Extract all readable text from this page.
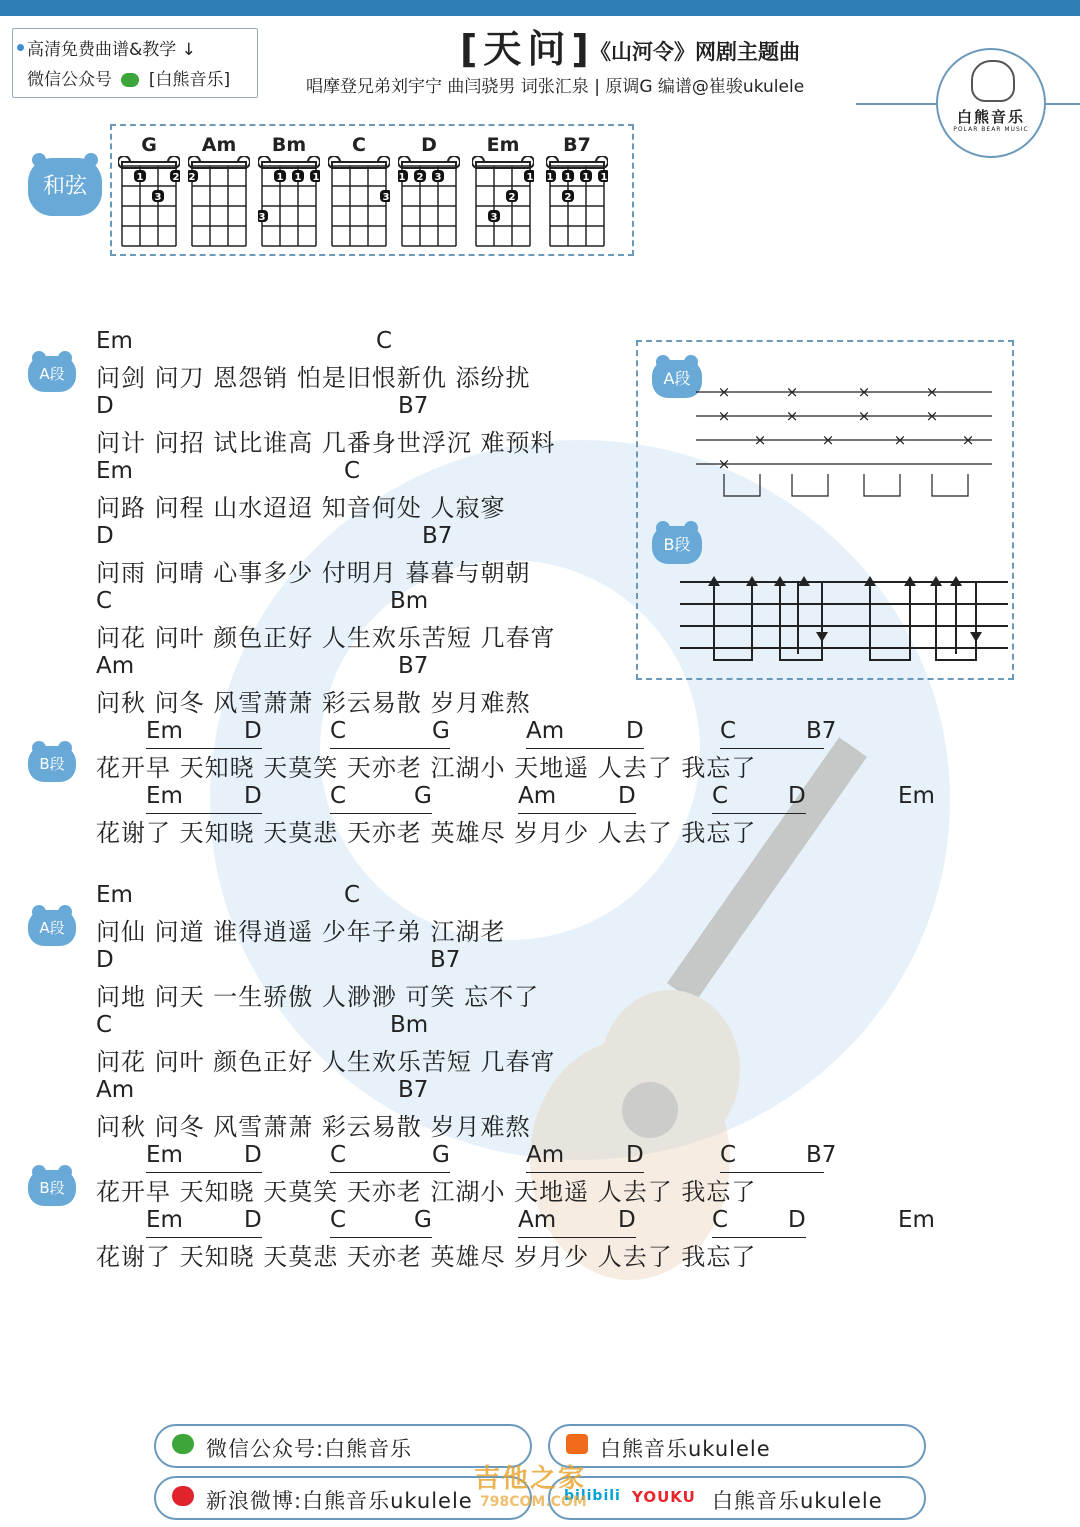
高清免费曲谱&教学 ↓
微信公众号 [白熊音乐]
[天问]
《山河令》网剧主题曲
唱摩登兄弟刘宇宁 曲闫骁男 词张汇泉 | 原调G 编谱@崔骏ukulele
白熊音乐
POLAR BEAR MUSIC
和弦
G
1	2
3
Am
2
Bm
1 1 1
3
C
3
D
1 2 3
Em
1
2
3
B7
1 1 1 1
2
A段
×	×	×	×
×	×	×	×
×	×	×	×
×
B段
A段
Em	C
问剑 问刀 恩怨销 怕是旧恨新仇 添纷扰
D	B7
问计 问招 试比谁高 几番身世浮沉 难预料
Em	C
问路 问程 山水迢迢 知音何处 人寂寥
D	B7
问雨 问晴 心事多少 付明月 暮暮与朝朝
C	Bm
问花 问叶 颜色正好 人生欢乐苦短 几春宵
Am	B7
问秋 问冬 风雪萧萧 彩云易散 岁月难熬
B段
Em	D	C	G	Am	D	C	B7
花开早 天知晓 天莫笑 天亦老 江湖小 天地遥 人去了 我忘了
Em	D	C	G	Am	D	C	D	Em
花谢了 天知晓 天莫悲 天亦老 英雄尽 岁月少 人去了 我忘了
A段
Em	C
问仙 问道 谁得逍遥 少年子弟 江湖老
D	B7
问地 问天 一生骄傲 人渺渺 可笑 忘不了
C	Bm
问花 问叶 颜色正好 人生欢乐苦短 几春宵
Am	B7
问秋 问冬 风雪萧萧 彩云易散 岁月难熬
B段
Em	D	C	G	Am	D	C	B7
花开早 天知晓 天莫笑 天亦老 江湖小 天地遥 人去了 我忘了
Em	D	C	G	Am	D	C	D	Em
花谢了 天知晓 天莫悲 天亦老 英雄尽 岁月少 人去了 我忘了
微信公众号:白熊音乐	白熊音乐ukulele
新浪微博:白熊音乐ukulele	bilibili YOUKU 白熊音乐ukulele
吉他之家
798COM.COM
